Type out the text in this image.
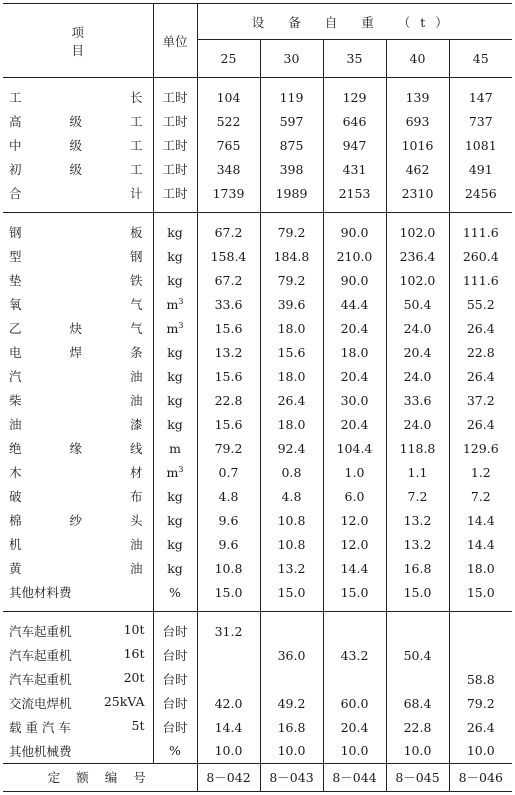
项　目	单位	设 备 自 重 （t）				
		25	30	35	40	45

工 长	工时	104	119	129	139	147

高 级 工	工时	522	597	646	693	737

中 级 工	工时	765	875	947	1016	1081

初 级 工	工时	348	398	431	462	491

合 计	工时	1739	1989	2153	2310	2456

钢 板	kg	67.2	79.2	90.0	102.0	111.6

型 钢	kg	158.4	184.8	210.0	236.4	260.4

垫 铁	kg	67.2	79.2	90.0	102.0	111.6

氧 气	$m^3$	33.6	39.6	44.4	50.4	55.2

乙 炔 气	$m^3$	15.6	18.0	20.4	24.0	26.4

电 焊 条	kg	13.2	15.6	18.0	20.4	22.8

汽 油	kg	15.6	18.0	20.4	24.0	26.4

柴 油	kg	22.8	26.4	30.0	33.6	37.2

油 漆	kg	15.6	18.0	20.4	24.0	26.4

绝 缘 线	m	79.2	92.4	104.4	118.8	129.6

木 材	$m^3$	0.7	0.8	1.0	1.1	1.2

破 布	kg	4.8	4.8	6.0	7.2	7.2

棉 纱 头	kg	9.6	10.8	12.0	13.2	14.4

机 油	kg	9.6	10.8	12.0	13.2	14.4

黄 油	kg	10.8	13.2	14.4	16.8	18.0
其他材料费	%	15.0	15.0	15.0	15.0	15.0

汽车起重机 10t	台时	31.2				

汽车起重机 16t	台时		36.0	43.2	50.4	

汽车起重机 20t	台时					58.8

交流电焊机 25kVA	台时	42.0	49.2	60.0	68.4	79.2

载 重 汽 车 5t	台时	14.4	16.8	20.4	22.8	26.4

其他机械费	%	10.0	10.0	10.0	10.0	10.0
定 额 编 号		8－042	8－043	8－044	8－045	8－046
